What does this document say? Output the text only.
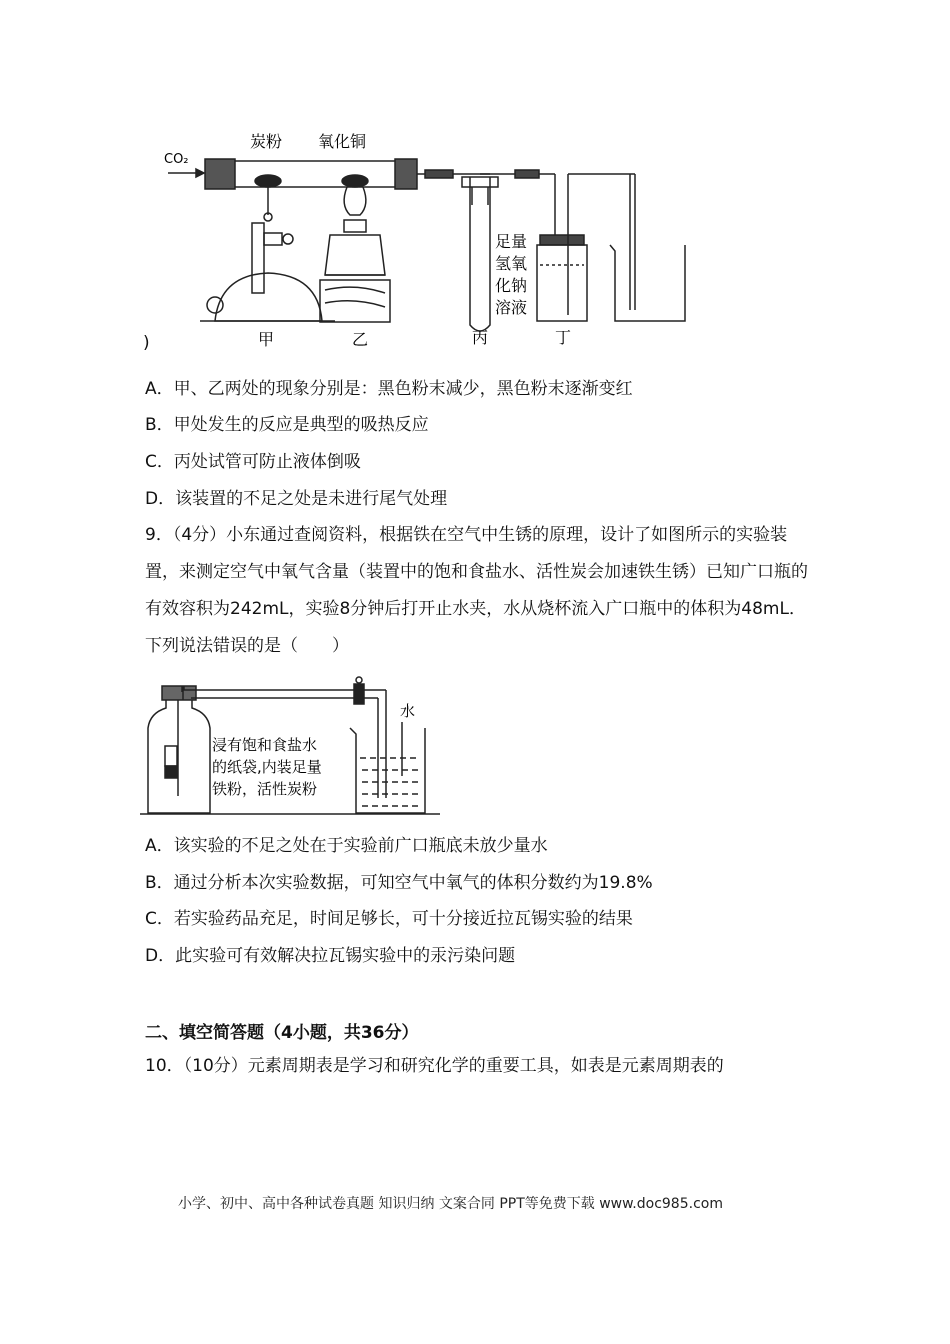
CO₂
炭粉 氧化铜
甲	乙	丙	丁
足量
氢氧
化钠
溶液
)
A．甲、乙两处的现象分别是：黑色粉末减少，黑色粉末逐渐变红
B．甲处发生的反应是典型的吸热反应
C．丙处试管可防止液体倒吸
D．该装置的不足之处是未进行尾气处理
9．（4分）小东通过查阅资料，根据铁在空气中生锈的原理，设计了如图所示的实验装置，来测定空气中氧气含量（装置中的饱和食盐水、活性炭会加速铁生锈）已知广口瓶的有效容积为242mL，实验8分钟后打开止水夹，水从烧杯流入广口瓶中的体积为48mL．下列说法错误的是（　　）
水
浸有饱和食盐水
的纸袋,内装足量
铁粉，活性炭粉
A．该实验的不足之处在于实验前广口瓶底未放少量水
B．通过分析本次实验数据，可知空气中氧气的体积分数约为19.8%
C．若实验药品充足，时间足够长，可十分接近拉瓦锡实验的结果
D．此实验可有效解决拉瓦锡实验中的汞污染问题
二、填空简答题（4小题，共36分）
10．（10分）元素周期表是学习和研究化学的重要工具，如表是元素周期表的
小学、初中、高中各种试卷真题 知识归纳 文案合同 PPT等免费下载 www.doc985.com
